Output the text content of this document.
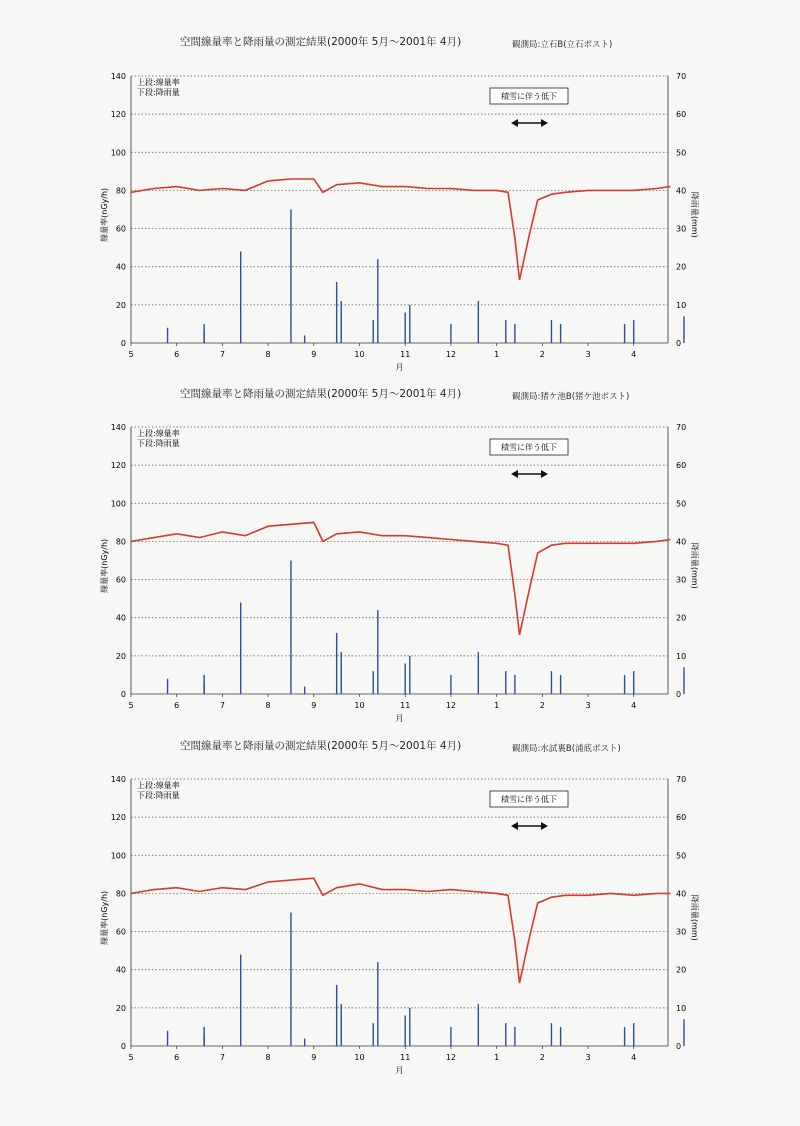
空間線量率と降雨量の測定結果(2000年 5月～2001年 4月)	観測局:立石B(立石ポスト)
0
20
40
60
80
100
120
140
0
10
20
30
40
50
60
70
5	6	7	8	9	10	11	12	1	2	3	4
月
線量率(nGy/h)	降雨量(mm)
上段:線量率
下段:降雨量	積雪に伴う低下
空間線量率と降雨量の測定結果(2000年 5月～2001年 4月)	観測局:猪ケ池B(猪ケ池ポスト)
0
20
40
60
80
100
120
140
0
10
20
30
40
50
60
70
5	6	7	8	9	10	11	12	1	2	3	4
月
線量率(nGy/h)	降雨量(mm)
上段:線量率
下段:降雨量	積雪に伴う低下
空間線量率と降雨量の測定結果(2000年 5月～2001年 4月)	観測局:水試裏B(浦底ポスト)
0
20
40
60
80
100
120
140
0
10
20
30
40
50
60
70
5	6	7	8	9	10	11	12	1	2	3	4
月
線量率(nGy/h)	降雨量(mm)
上段:線量率
下段:降雨量	積雪に伴う低下
